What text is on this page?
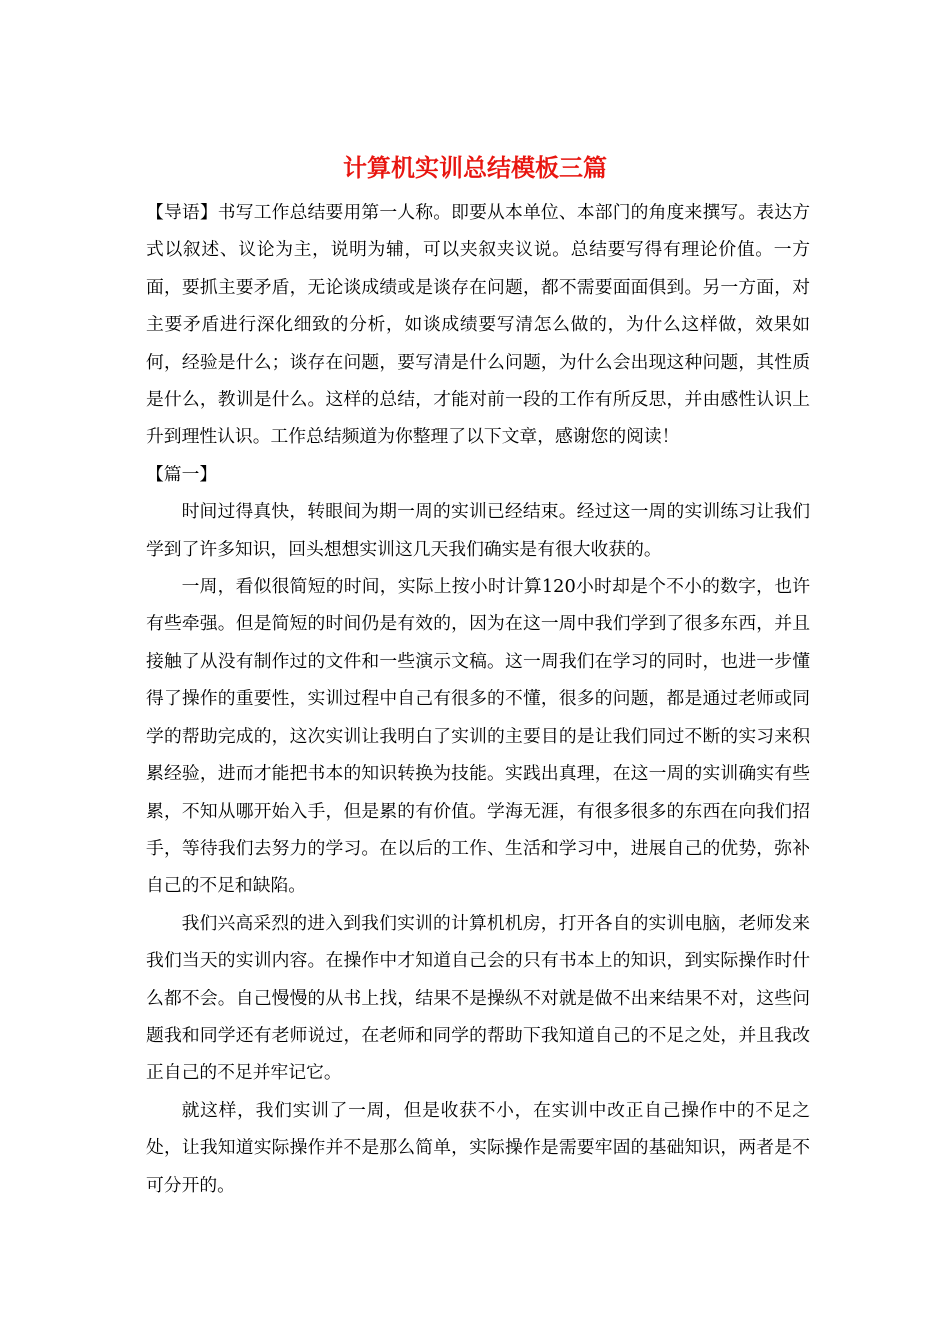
计算机实训总结模板三篇

【导语】书写工作总结要用第一人称。即要从本单位、本部门的角度来撰写。表达方式以叙述、议论为主，说明为辅，可以夹叙夹议说。总结要写得有理论价值。一方面，要抓主要矛盾，无论谈成绩或是谈存在问题，都不需要面面俱到。另一方面，对主要矛盾进行深化细致的分析，如谈成绩要写清怎么做的，为什么这样做，效果如何，经验是什么；谈存在问题，要写清是什么问题，为什么会出现这种问题，其性质是什么，教训是什么。这样的总结，才能对前一段的工作有所反思，并由感性认识上升到理性认识。工作总结频道为你整理了以下文章，感谢您的阅读！

【篇一】

时间过得真快，转眼间为期一周的实训已经结束。经过这一周的实训练习让我们学到了许多知识，回头想想实训这几天我们确实是有很大收获的。

一周，看似很简短的时间，实际上按小时计算120小时却是个不小的数字，也许有些牵强。但是简短的时间仍是有效的，因为在这一周中我们学到了很多东西，并且接触了从没有制作过的文件和一些演示文稿。这一周我们在学习的同时，也进一步懂得了操作的重要性，实训过程中自己有很多的不懂，很多的问题，都是通过老师或同学的帮助完成的，这次实训让我明白了实训的主要目的是让我们同过不断的实习来积累经验，进而才能把书本的知识转换为技能。实践出真理，在这一周的实训确实有些累，不知从哪开始入手，但是累的有价值。学海无涯，有很多很多的东西在向我们招手，等待我们去努力的学习。在以后的工作、生活和学习中，进展自己的优势，弥补自己的不足和缺陷。

我们兴高采烈的进入到我们实训的计算机机房，打开各自的实训电脑，老师发来我们当天的实训内容。在操作中才知道自己会的只有书本上的知识，到实际操作时什么都不会。自己慢慢的从书上找，结果不是操纵不对就是做不出来结果不对，这些问题我和同学还有老师说过，在老师和同学的帮助下我知道自己的不足之处，并且我改正自己的不足并牢记它。

就这样，我们实训了一周，但是收获不小，在实训中改正自己操作中的不足之处，让我知道实际操作并不是那么简单，实际操作是需要牢固的基础知识，两者是不可分开的。
